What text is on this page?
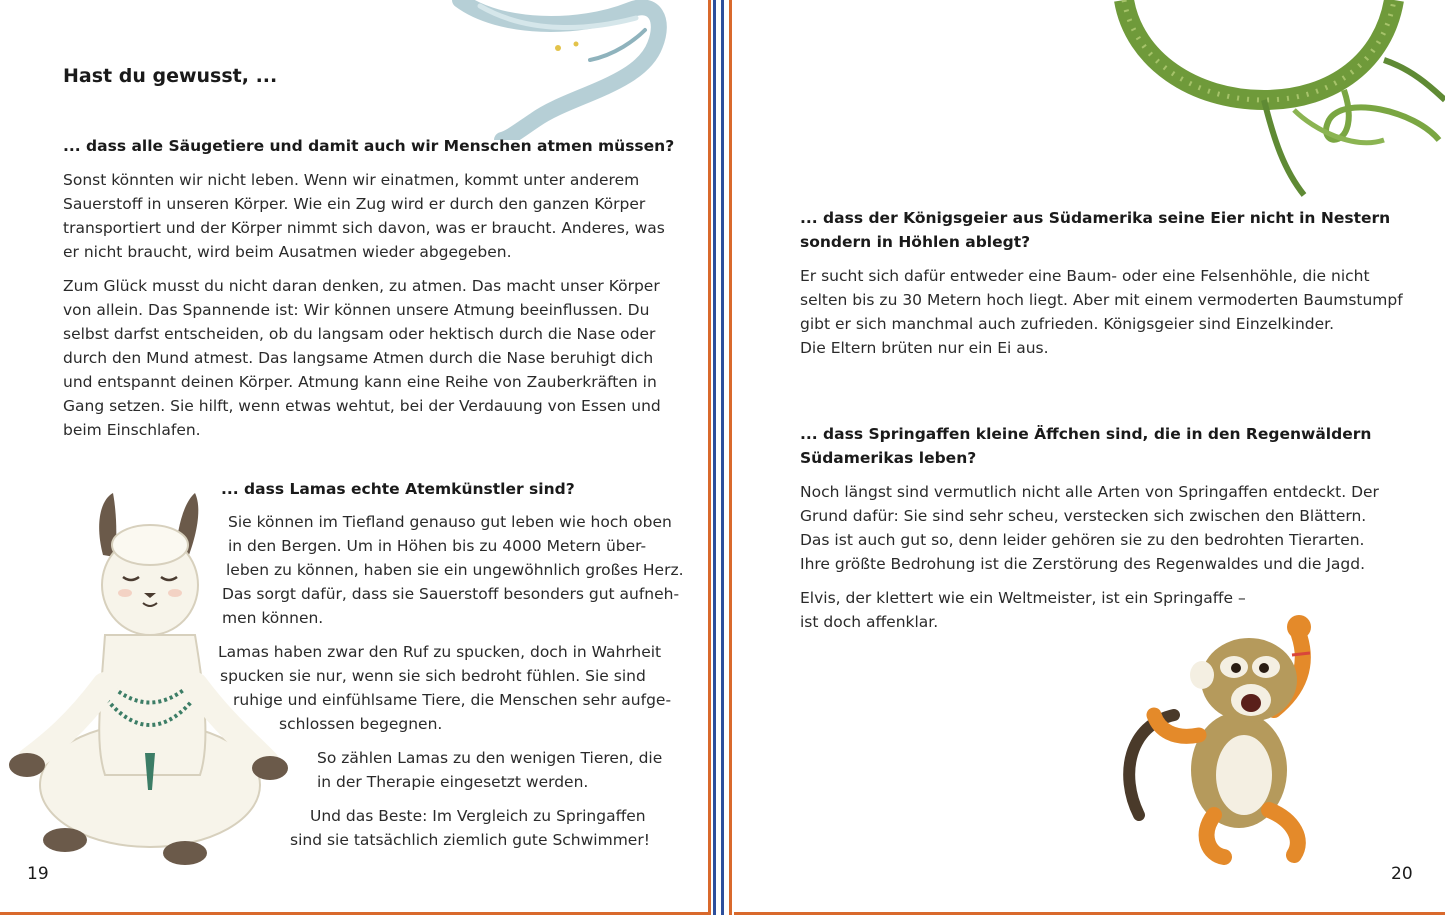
Hast du gewusst, ...
... dass alle Säugetiere und damit auch wir Menschen atmen müssen?
Sonst könnten wir nicht leben. Wenn wir einatmen, kommt unter anderem
Sauerstoff in unseren Körper. Wie ein Zug wird er durch den ganzen Körper
transportiert und der Körper nimmt sich davon, was er braucht. Anderes, was
er nicht braucht, wird beim Ausatmen wieder abgegeben.
Zum Glück musst du nicht daran denken, zu atmen. Das macht unser Körper
von allein. Das Spannende ist: Wir können unsere Atmung beeinflussen. Du
selbst darfst entscheiden, ob du langsam oder hektisch durch die Nase oder
durch den Mund atmest. Das langsame Atmen durch die Nase beruhigt dich
und entspannt deinen Körper. Atmung kann eine Reihe von Zauberkräften in
Gang setzen. Sie hilft, wenn etwas wehtut, bei der Verdauung von Essen und
beim Einschlafen.
... dass Lamas echte Atemkünstler sind?
Sie können im Tiefland genauso gut leben wie hoch oben
in den Bergen. Um in Höhen bis zu 4000 Metern über-
leben zu können, haben sie ein ungewöhnlich großes Herz.
Das sorgt dafür, dass sie Sauerstoff besonders gut aufneh-
men können.
Lamas haben zwar den Ruf zu spucken, doch in Wahrheit
spucken sie nur, wenn sie sich bedroht fühlen. Sie sind
ruhige und einfühlsame Tiere, die Menschen sehr aufge-
schlossen begegnen.
So zählen Lamas zu den wenigen Tieren, die
in der Therapie eingesetzt werden.
Und das Beste: Im Vergleich zu Springaffen
sind sie tatsächlich ziemlich gute Schwimmer!
19
... dass der Königsgeier aus Südamerika seine Eier nicht in Nestern
sondern in Höhlen ablegt?
Er sucht sich dafür entweder eine Baum- oder eine Felsenhöhle, die nicht
selten bis zu 30 Metern hoch liegt. Aber mit einem vermoderten Baumstumpf
gibt er sich manchmal auch zufrieden. Königsgeier sind Einzelkinder.
Die Eltern brüten nur ein Ei aus.
... dass Springaffen kleine Äffchen sind, die in den Regenwäldern
Südamerikas leben?
Noch längst sind vermutlich nicht alle Arten von Springaffen entdeckt. Der
Grund dafür: Sie sind sehr scheu, verstecken sich zwischen den Blättern.
Das ist auch gut so, denn leider gehören sie zu den bedrohten Tierarten.
Ihre größte Bedrohung ist die Zerstörung des Regenwaldes und die Jagd.
Elvis, der klettert wie ein Weltmeister, ist ein Springaffe –
ist doch affenklar.
20
